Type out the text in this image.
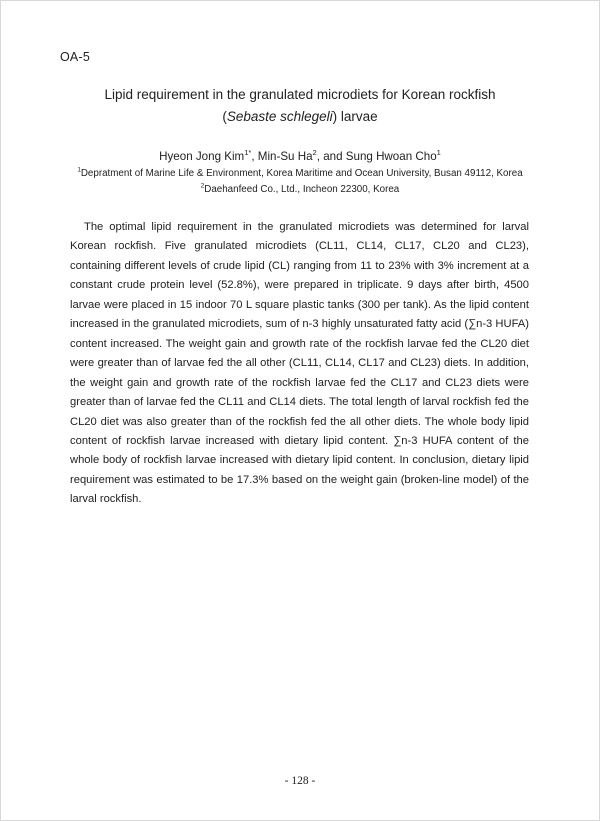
OA-5
Lipid requirement in the granulated microdiets for Korean rockfish
(Sebaste schlegeli) larvae
Hyeon Jong Kim$^{1*}$, Min-Su Ha$^2$, and Sung Hwoan Cho$^1$
$^1$Depratment of Marine Life & Environment, Korea Maritime and Ocean University, Busan 49112, Korea
$^2$Daehanfeed Co., Ltd., Incheon 22300, Korea

The optimal lipid requirement in the granulated microdiets was determined for larval Korean rockfish. Five granulated microdiets (CL11, CL14, CL17, CL20 and CL23), containing different levels of crude lipid (CL) ranging from 11 to 23% with 3% increment at a constant crude protein level (52.8%), were prepared in triplicate. 9 days after birth, 4500 larvae were placed in 15 indoor 70 L square plastic tanks (300 per tank). As the lipid content increased in the granulated microdiets, sum of n-3 highly unsaturated fatty acid (∑n-3 HUFA) content increased. The weight gain and growth rate of the rockfish larvae fed the CL20 diet were greater than of larvae fed the all other (CL11, CL14, CL17 and CL23) diets. In addition, the weight gain and growth rate of the rockfish larvae fed the CL17 and CL23 diets were greater than of larvae fed the CL11 and CL14 diets. The total length of larval rockfish fed the CL20 diet was also greater than of the rockfish fed the all other diets. The whole body lipid content of rockfish larvae increased with dietary lipid content. ∑n-3 HUFA content of the whole body of rockfish larvae increased with dietary lipid content. In conclusion, dietary lipid requirement was estimated to be 17.3% based on the weight gain (broken-line model) of the larval rockfish.

- 128 -
